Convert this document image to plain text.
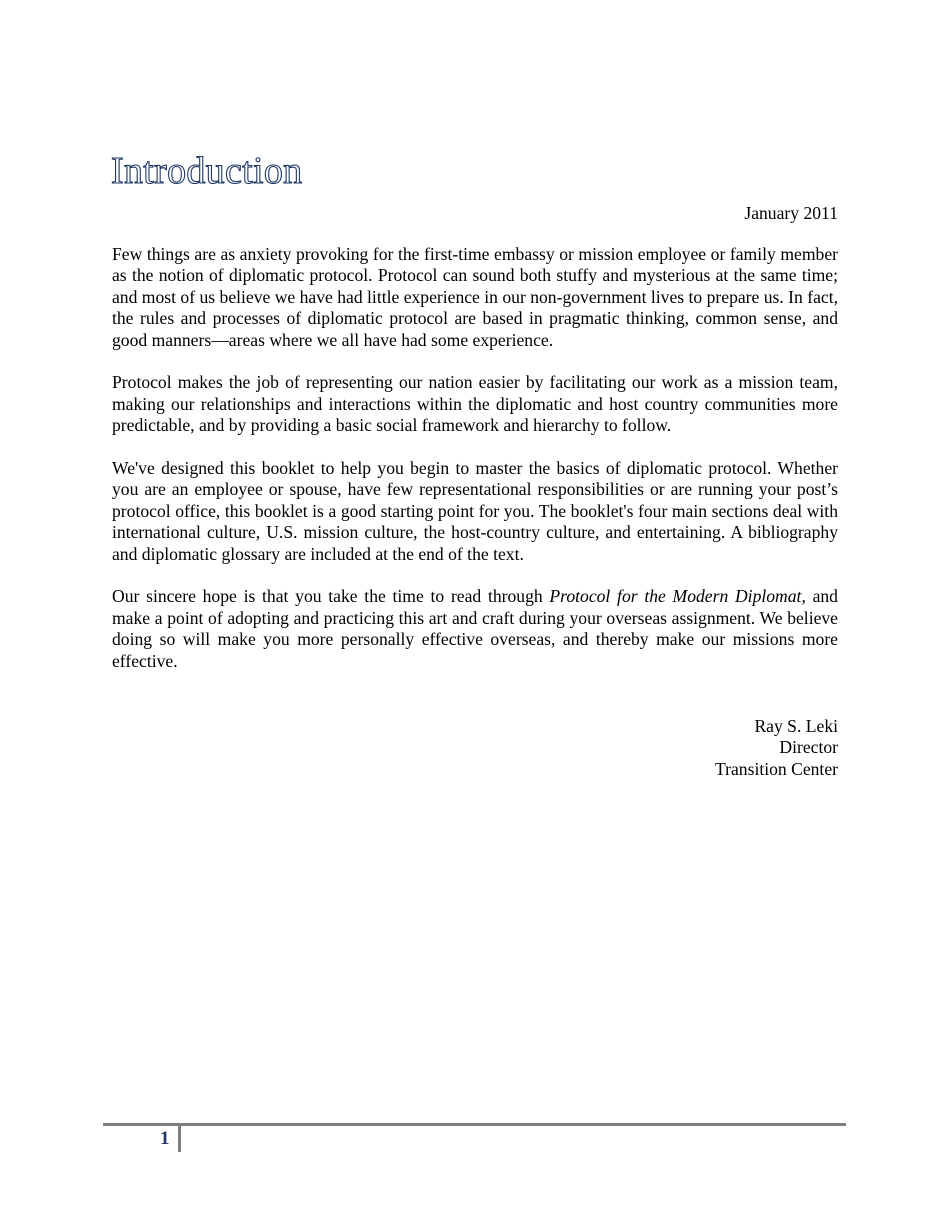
Introduction
January 2011

Few things are as anxiety provoking for the first-time embassy or mission employee or family member as the notion of diplomatic protocol. Protocol can sound both stuffy and mysterious at the same time; and most of us believe we have had little experience in our non-government lives to prepare us. In fact, the rules and processes of diplomatic protocol are based in pragmatic thinking, common sense, and good manners—areas where we all have had some experience.

Protocol makes the job of representing our nation easier by facilitating our work as a mission team, making our relationships and interactions within the diplomatic and host country communities more predictable, and by providing a basic social framework and hierarchy to follow.

We've designed this booklet to help you begin to master the basics of diplomatic protocol. Whether you are an employee or spouse, have few representational responsibilities or are running your post’s protocol office, this booklet is a good starting point for you. The booklet's four main sections deal with international culture, U.S. mission culture, the host-country culture, and entertaining. A bibliography and diplomatic glossary are included at the end of the text.

Our sincere hope is that you take the time to read through Protocol for the Modern Diplomat, and make a point of adopting and practicing this art and craft during your overseas assignment. We believe doing so will make you more personally effective overseas, and thereby make our missions more effective.

Ray S. Leki
Director
Transition Center
1
